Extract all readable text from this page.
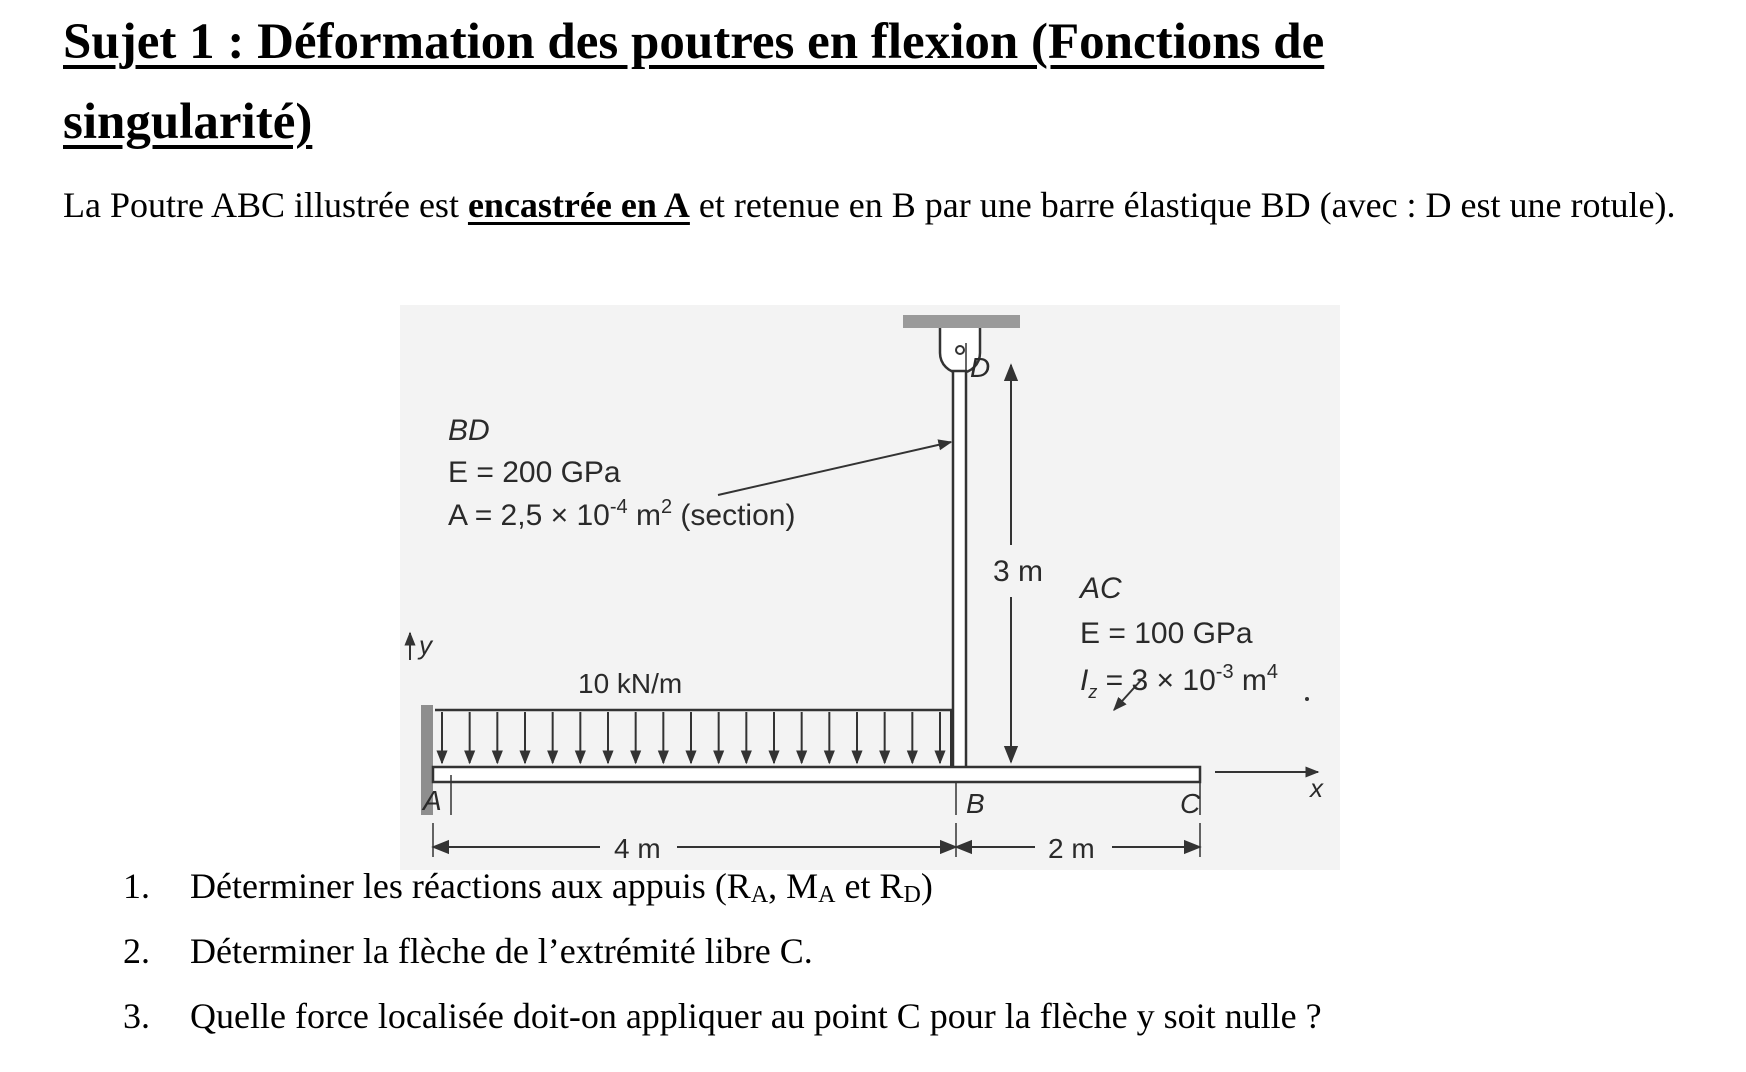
Sujet 1 : Déformation des poutres en flexion (Fonctions de
singularité)

La Poutre ABC illustrée est encastrée en A et retenue en B par une barre élastique BD (avec : D est une rotule).

3 m
y
x
A	B	C
D
4 m	2 m
10 kN/m
BD
E = 200 GPa
$A = 2,5 \times 10^{-4}$ $m^2$ (section)
AC
E = 100 GPa
$I_z = 3 \times 10^{-3}$ $m^4$
1. Déterminer les réactions aux appuis ($R_A$, $M_A$ et $R_D$)
2. Déterminer la flèche de l’extrémité libre C.
3. Quelle force localisée doit-on appliquer au point C pour la flèche y soit nulle ?
